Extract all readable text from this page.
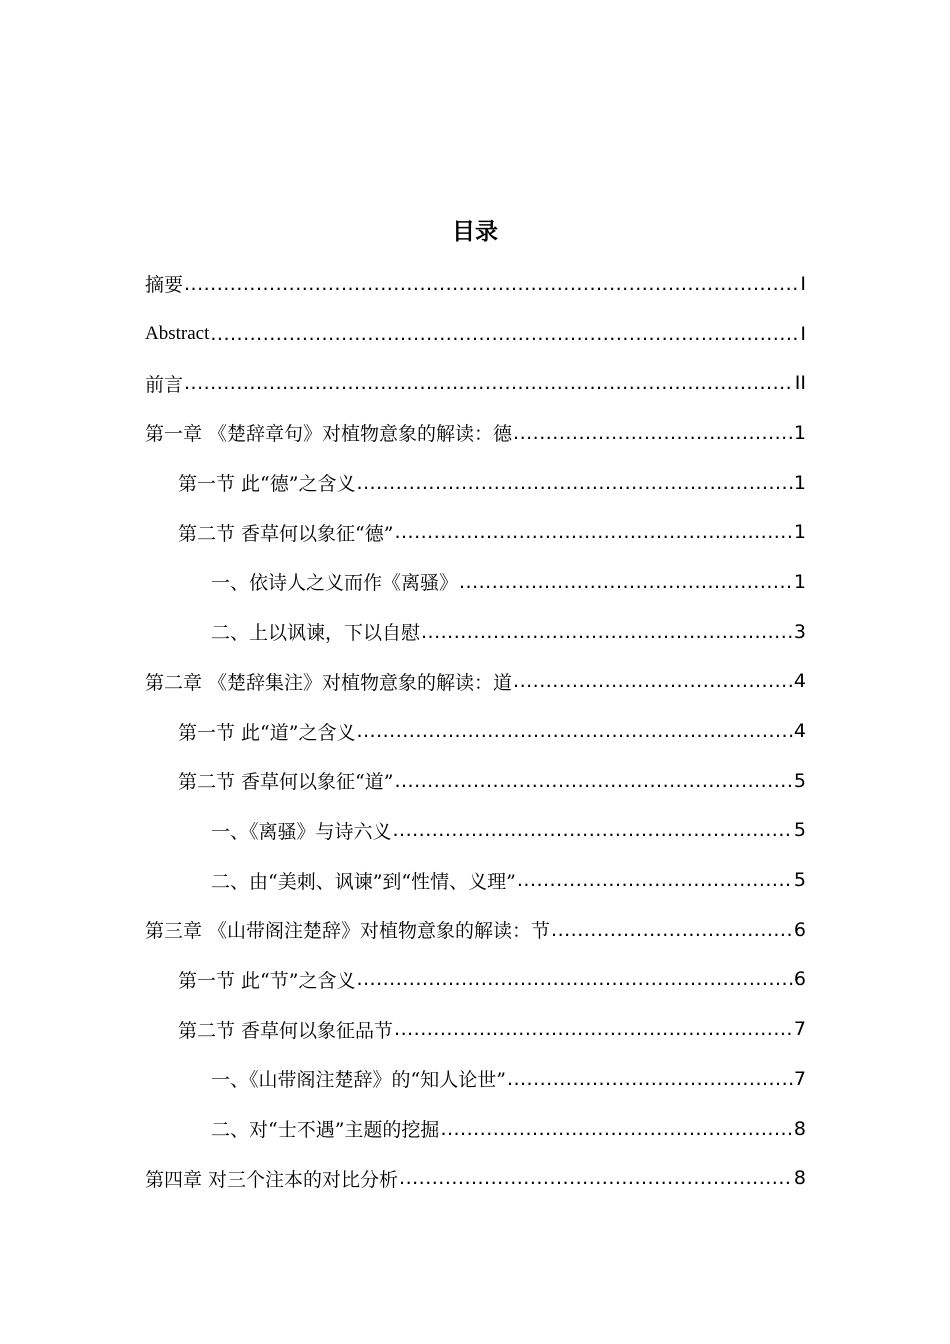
目录
摘要 .....	I
Abstract .....	I
前言 .....	II
第一章 《楚辞章句》对植物意象的解读：德 .....	1
第一节 此“德”之含义 .....	1
第二节 香草何以象征“德” .....	1
一、依诗人之义而作《离骚》 .....	1
二、上以讽谏，下以自慰 .....	3
第二章 《楚辞集注》对植物意象的解读：道 .....	4
第一节 此“道”之含义 .....	4
第二节 香草何以象征“道” .....	5
一、《离骚》与诗六义 .....	5
二、由“美刺、讽谏”到“性情、义理” .....	5
第三章 《山带阁注楚辞》对植物意象的解读：节 .....	6
第一节 此“节”之含义 .....	6
第二节 香草何以象征品节 .....	7
一、《山带阁注楚辞》的“知人论世” .....	7
二、对“士不遇”主题的挖掘 .....	8
第四章 对三个注本的对比分析 .....	8
